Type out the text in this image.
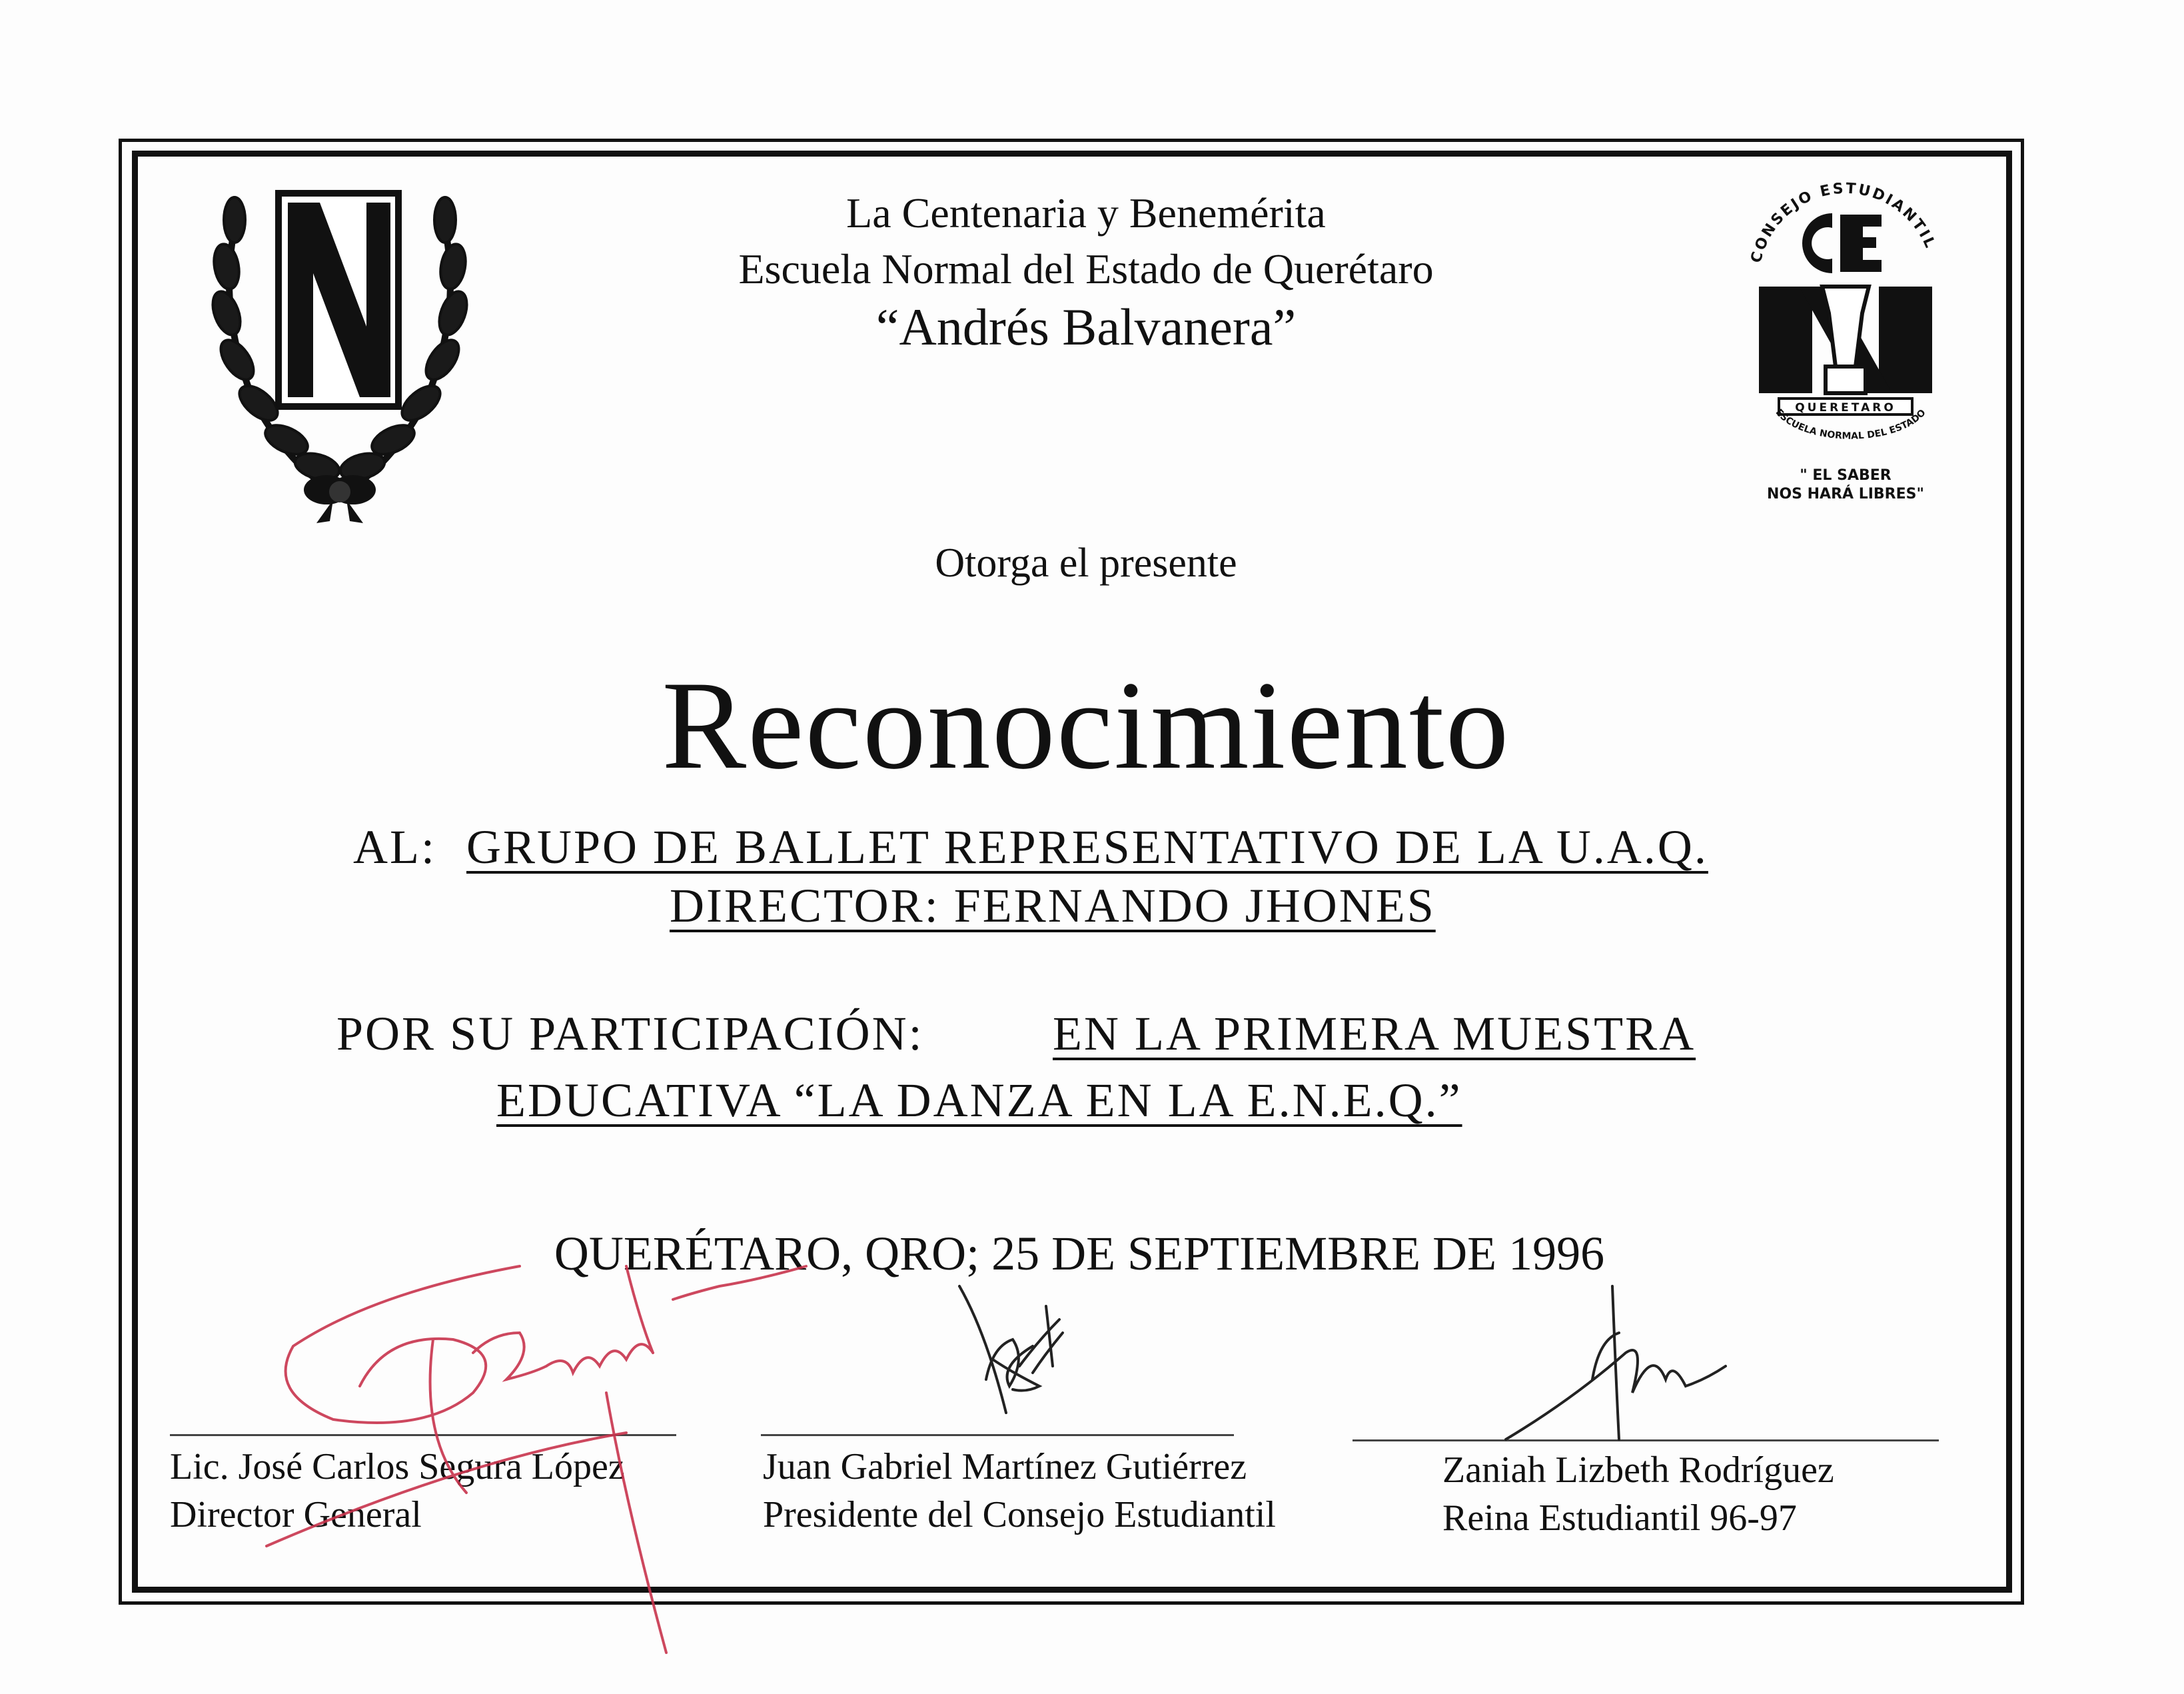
La Centenaria y Benemérita
Escuela Normal del Estado de Querétaro
“Andrés Balvanera”
CONSEJO ESTUDIANTIL
QUERETARO
ESCUELA NORMAL DEL ESTADO
" EL SABER
NOS HARÁ LIBRES"
Otorga el presente
Reconocimiento
AL: GRUPO DE BALLET REPRESENTATIVO DE LA U.A.Q.
DIRECTOR: FERNANDO JHONES
POR SU PARTICIPACIÓN:	EN LA PRIMERA MUESTRA
EDUCATIVA “LA DANZA EN LA E.N.E.Q.”
QUERÉTARO, QRO; 25 DE SEPTIEMBRE DE 1996
Lic. José Carlos Segura López
Director General
Juan Gabriel Martínez Gutiérrez
Presidente del Consejo Estudiantil
Zaniah Lizbeth Rodríguez
Reina Estudiantil 96-97
